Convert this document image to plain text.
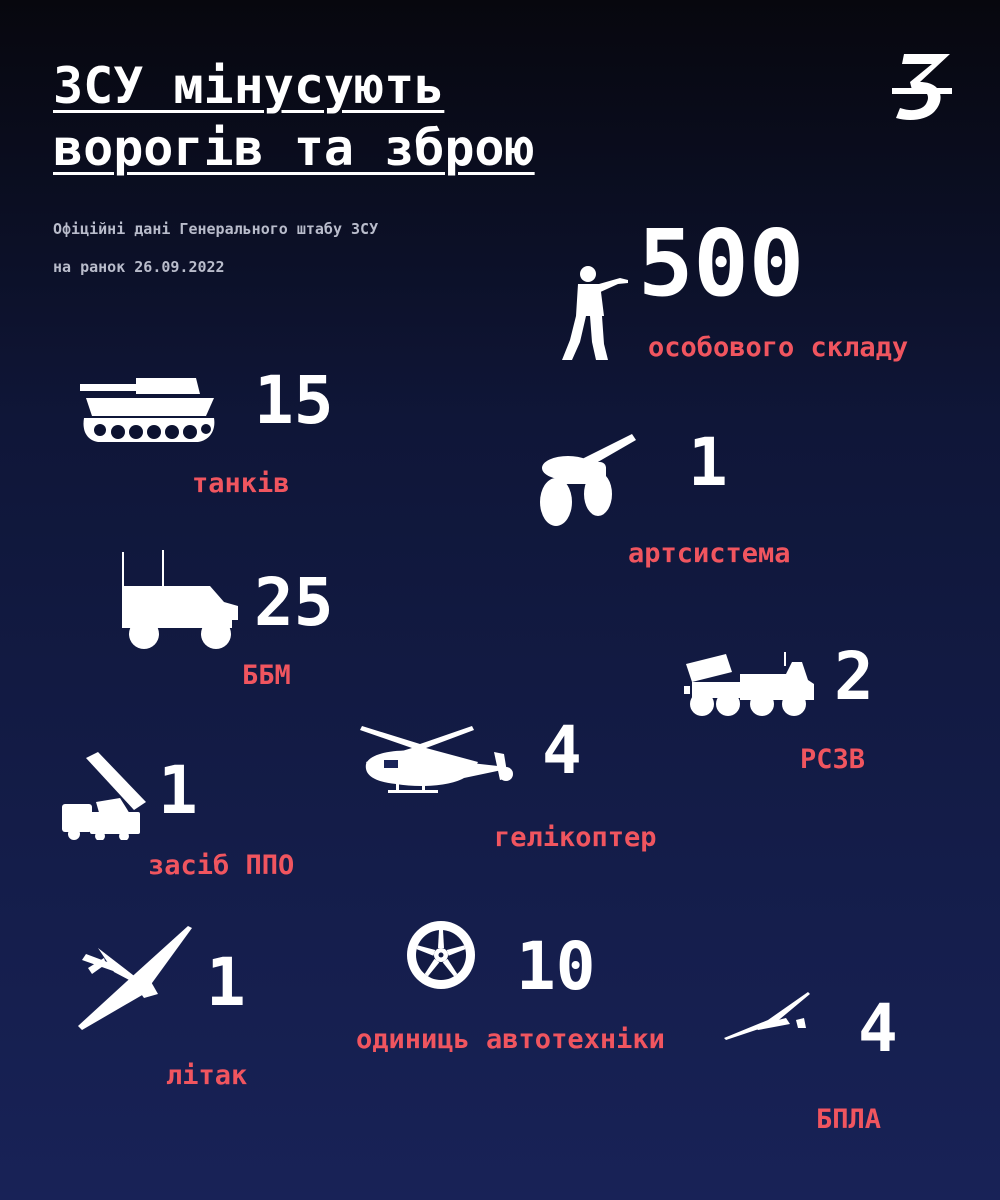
ЗСУ мінусують
ворогів та зброю
Офіційні дані Генерального штабу ЗСУ
на ранок 26.09.2022	500
особового складу
15
танків	1
артсистема
25
ББМ	2
РСЗВ
4
гелікоптер
1
засіб ППО
1
літак
10
одиниць автотехніки	4
БПЛА
